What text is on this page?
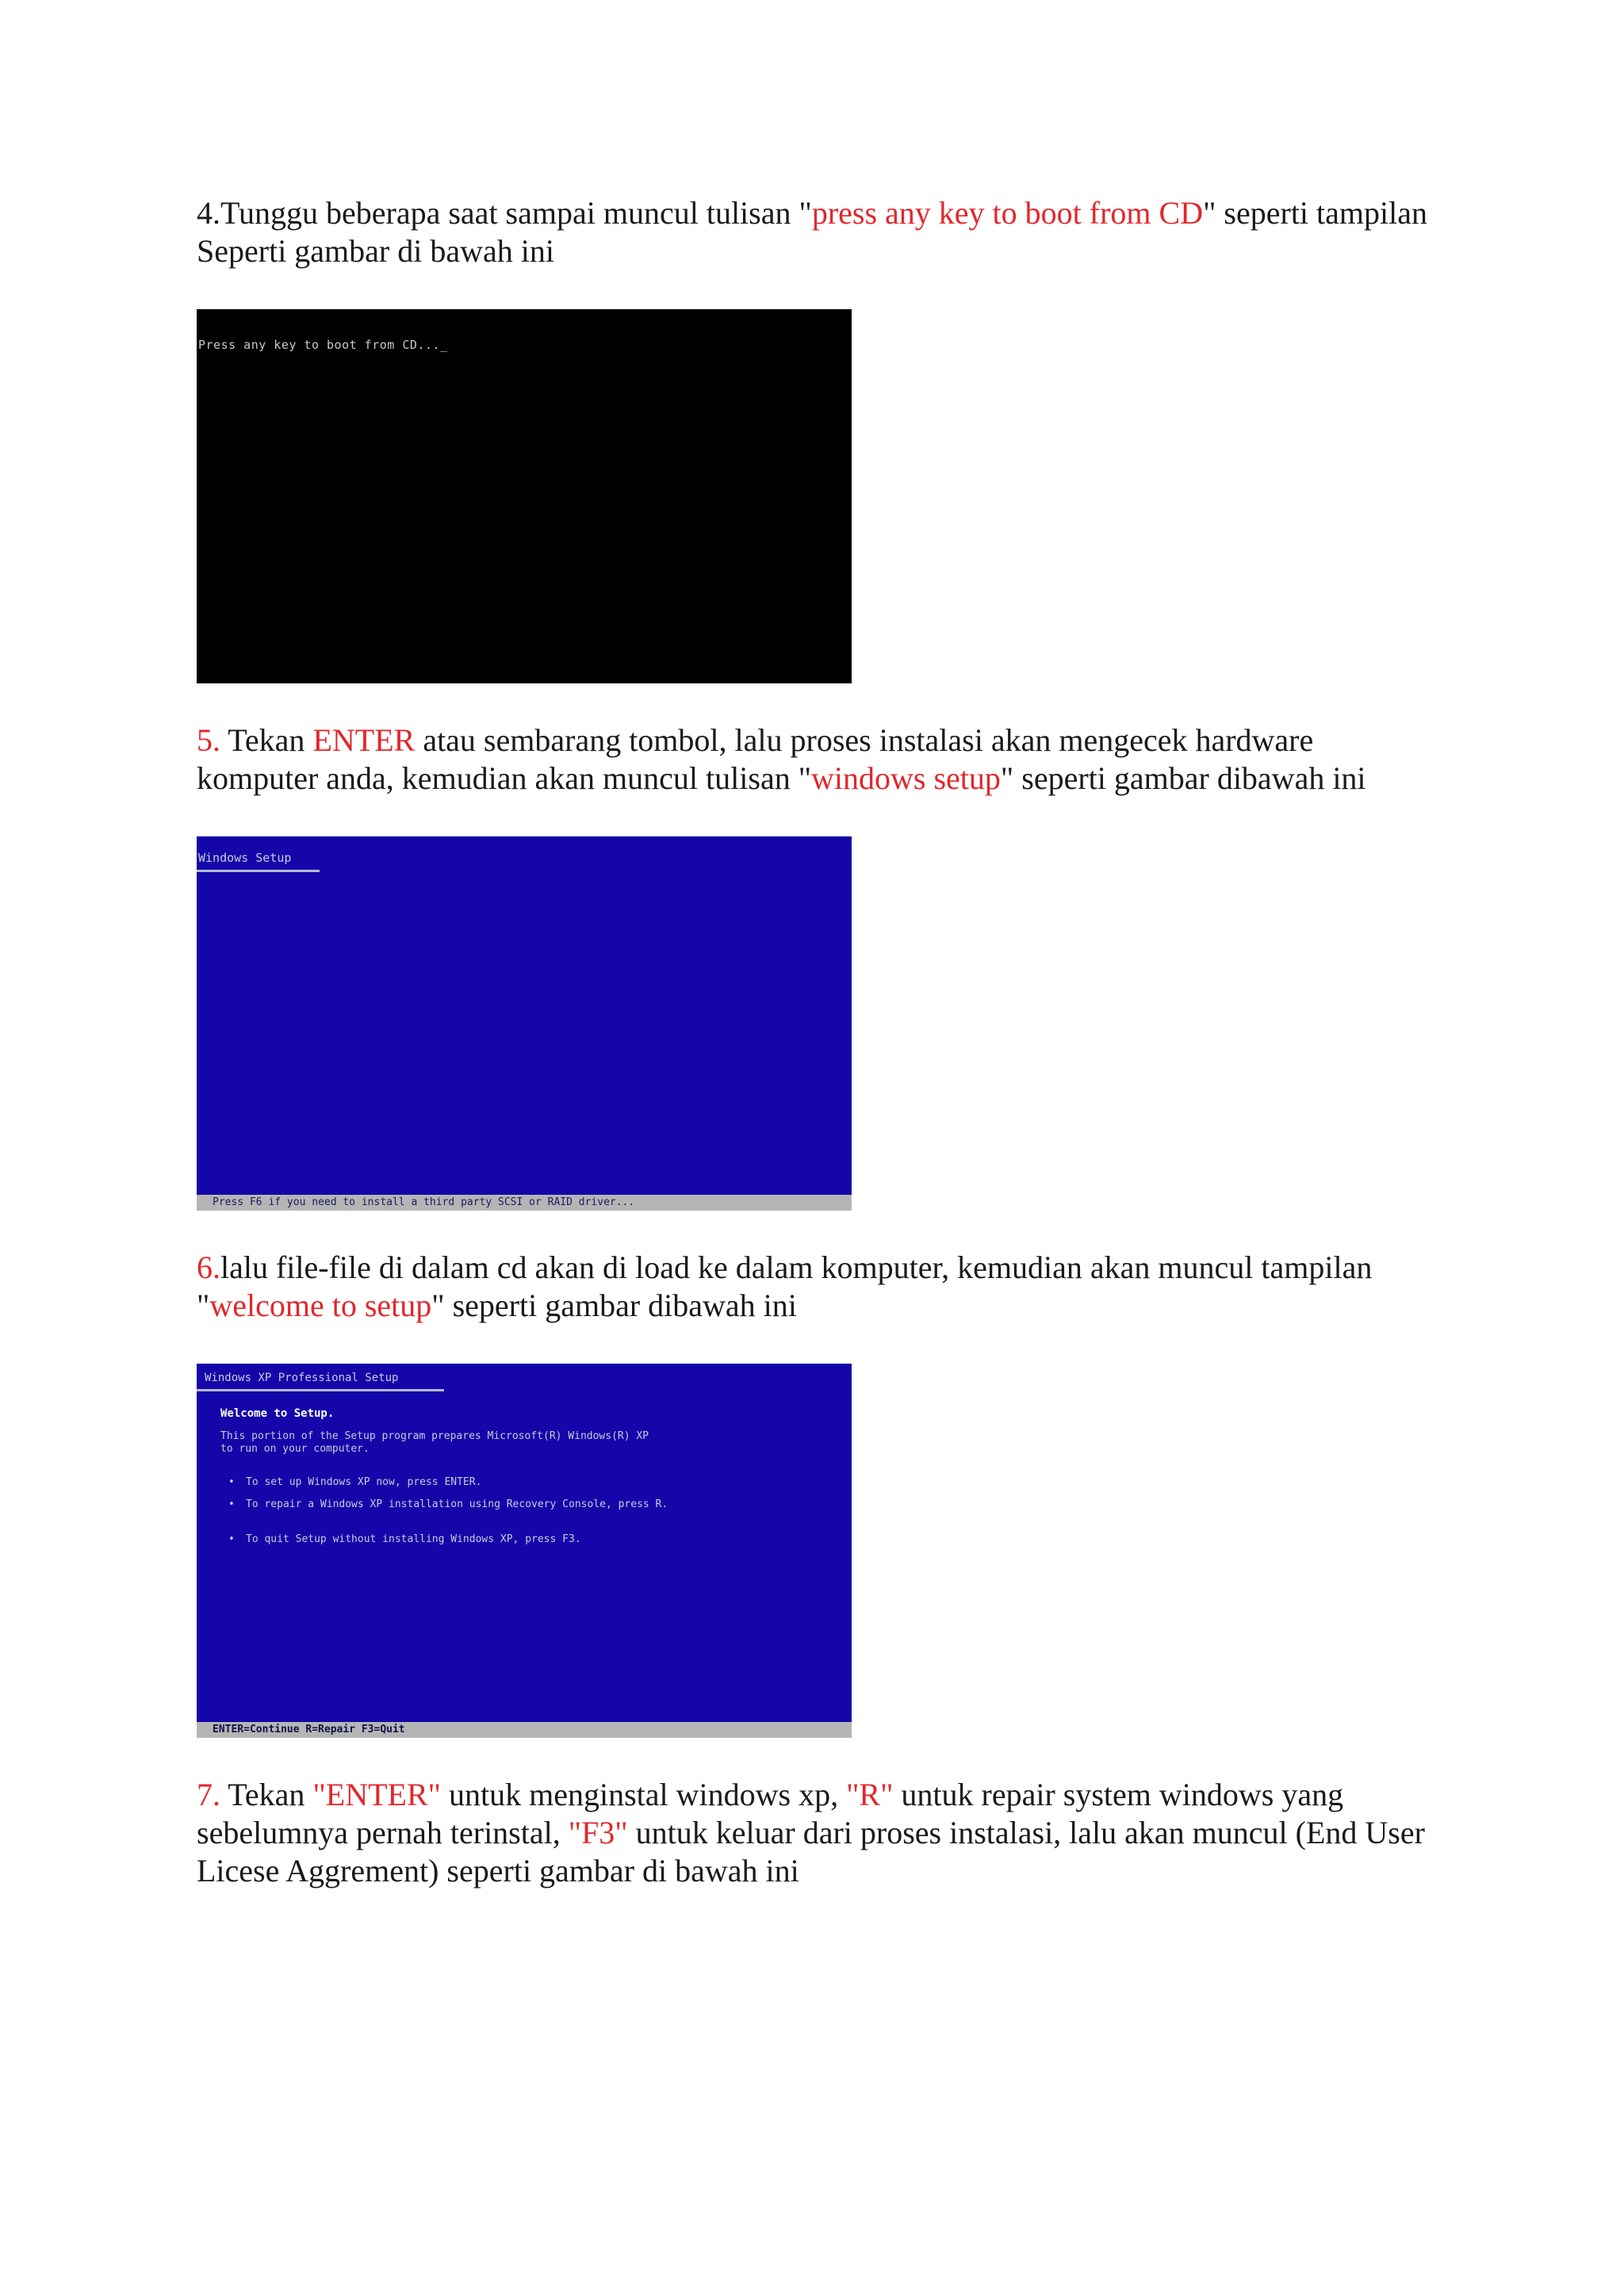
4.Tunggu beberapa saat sampai muncul tulisan "press any key to boot from CD" seperti tampilan Seperti gambar di bawah ini

Press any key to boot from CD..._

5. Tekan ENTER atau sembarang tombol, lalu proses instalasi akan mengecek hardware komputer anda, kemudian akan muncul tulisan "windows setup" seperti gambar dibawah ini

Windows Setup
Press F6 if you need to install a third party SCSI or RAID driver...

6.lalu file-file di dalam cd akan di load ke dalam komputer, kemudian akan muncul tampilan "welcome to setup" seperti gambar dibawah ini

Windows XP Professional Setup
Welcome to Setup.
This portion of the Setup program prepares Microsoft(R) Windows(R) XP to run on your computer.
• To set up Windows XP now, press ENTER.
• To repair a Windows XP installation using Recovery Console, press R.
• To quit Setup without installing Windows XP, press F3.
ENTER=Continue R=Repair F3=Quit

7. Tekan "ENTER" untuk menginstal windows xp, "R" untuk repair system windows yang sebelumnya pernah terinstal, "F3" untuk keluar dari proses instalasi, lalu akan muncul (End User Licese Aggrement) seperti gambar di bawah ini
